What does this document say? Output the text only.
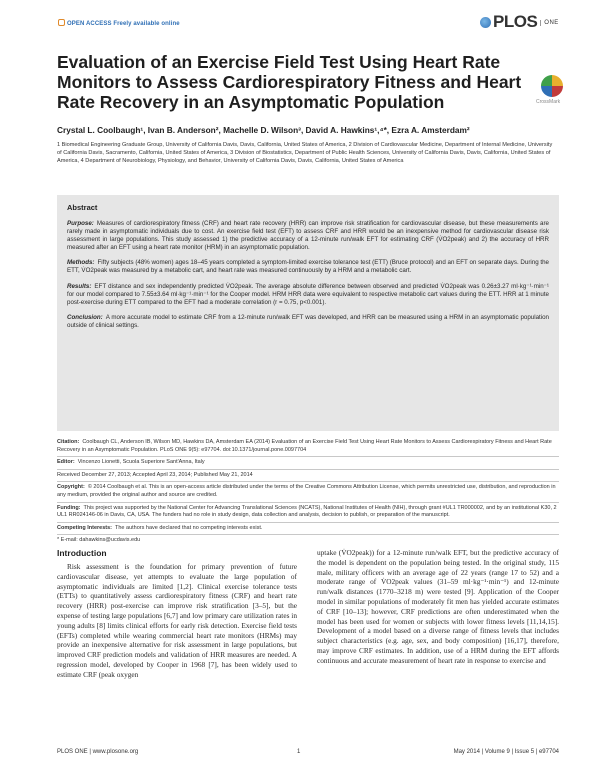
OPEN ACCESS Freely available online	PLOS ONE
CrossMark
Evaluation of an Exercise Field Test Using Heart Rate Monitors to Assess Cardiorespiratory Fitness and Heart Rate Recovery in an Asymptomatic Population
Crystal L. Coolbaugh¹, Ivan B. Anderson², Machelle D. Wilson³, David A. Hawkins¹,⁴*, Ezra A. Amsterdam²
1 Biomedical Engineering Graduate Group, University of California Davis, Davis, California, United States of America, 2 Division of Cardiovascular Medicine, Department of Internal Medicine, University of California Davis, Sacramento, California, United States of America, 3 Division of Biostatistics, Department of Public Health Sciences, University of California Davis, Davis, California, United States of America, 4 Department of Neurobiology, Physiology, and Behavior, University of California Davis, Davis, California, United States of America
Abstract

Purpose: Measures of cardiorespiratory fitness (CRF) and heart rate recovery (HRR) can improve risk stratification for cardiovascular disease, but these measurements are rarely made in asymptomatic individuals due to cost. An exercise field test (EFT) to assess CRF and HRR would be an inexpensive method for cardiovascular disease risk assessment in large populations. This study assessed 1) the predictive accuracy of a 12-minute run/walk EFT for estimating CRF (V̇O2peak) and 2) the accuracy of HRR measured after an EFT using a heart rate monitor (HRM) in an asymptomatic population.

Methods: Fifty subjects (48% women) ages 18–45 years completed a symptom-limited exercise tolerance test (ETT) (Bruce protocol) and an EFT on separate days. During the ETT, V̇O2peak was measured by a metabolic cart, and heart rate was measured continuously by a HRM and a metabolic cart.

Results: EFT distance and sex independently predicted V̇O2peak. The average absolute difference between observed and predicted V̇O2peak was 0.26±3.27 ml·kg⁻¹·min⁻¹ for our model compared to 7.55±3.64 ml·kg⁻¹·min⁻¹ for the Cooper model. HRM HRR data were equivalent to respective metabolic cart values during the ETT. HRR at 1 minute post-exercise during ETT compared to the EFT had a moderate correlation (r = 0.75, p<0.001).

Conclusion: A more accurate model to estimate CRF from a 12-minute run/walk EFT was developed, and HRR can be measured using a HRM in an asymptomatic population outside of clinical settings.

Citation: Coolbaugh CL, Anderson IB, Wilson MD, Hawkins DA, Amsterdam EA (2014) Evaluation of an Exercise Field Test Using Heart Rate Monitors to Assess Cardiorespiratory Fitness and Heart Rate Recovery in an Asymptomatic Population. PLoS ONE 9(5): e97704. doi:10.1371/journal.pone.0097704
Editor: Vincenzo Lionetti, Scuola Superiore Sant'Anna, Italy
Received December 27, 2013; Accepted April 23, 2014; Published May 21, 2014
Copyright: © 2014 Coolbaugh et al. This is an open-access article distributed under the terms of the Creative Commons Attribution License, which permits unrestricted use, distribution, and reproduction in any medium, provided the original author and source are credited.
Funding: This project was supported by the National Center for Advancing Translational Sciences (NCATS), National Institutes of Health (NIH), through grant #UL1 TR000002, and by an institutional K30, 2 UL1 RR024146-06 in Davis, CA, USA. The funders had no role in study design, data collection and analysis, decision to publish, or preparation of the manuscript.
Competing Interests: The authors have declared that no competing interests exist.
* E-mail: dahawkins@ucdavis.edu
Introduction

Risk assessment is the foundation for primary prevention of future cardiovascular disease, yet attempts to evaluate the large population of asymptomatic individuals are limited [1,2]. Clinical exercise tolerance tests (ETTs) to quantitatively assess cardiorespiratory fitness (CRF) and heart rate recovery (HRR) post-exercise can improve risk stratification [3–5], but the expense of testing large populations [6,7] and low primary care utilization rates in young adults [8] limits clinical efforts for early risk detection. Exercise field tests (EFTs) completed while wearing commercial heart rate monitors (HRMs) may provide an inexpensive alternative for risk assessment in large populations, but improved CRF prediction models and validation of HRR measures are needed. A regression model, developed by Cooper in 1968 [7], has been widely used to estimate CRF (peak oxygen

uptake (V̇O2peak)) for a 12-minute run/walk EFT, but the predictive accuracy of the model is dependent on the population being tested. In the original study, 115 male, military officers with an average age of 22 years (range 17 to 52) and a moderate range of V̇O2peak values (31–59 ml·kg⁻¹·min⁻¹) and 12-minute run/walk distances (1770–3218 m) were tested [9]. Application of the Cooper model in similar populations of moderately fit men has yielded accurate estimates of CRF [10–13]; however, CRF predictions are often underestimated when the model has been used for women or subjects with lower fitness levels [11,14,15]. Development of a model based on a diverse range of fitness levels that includes subject characteristics (e.g. age, sex, and body composition) [16,17], therefore, may improve CRF estimates. In addition, use of a HRM during the EFT affords continuous and accurate measurement of heart rate in response to exercise and

PLOS ONE | www.plosone.org	1	May 2014 | Volume 9 | Issue 5 | e97704
